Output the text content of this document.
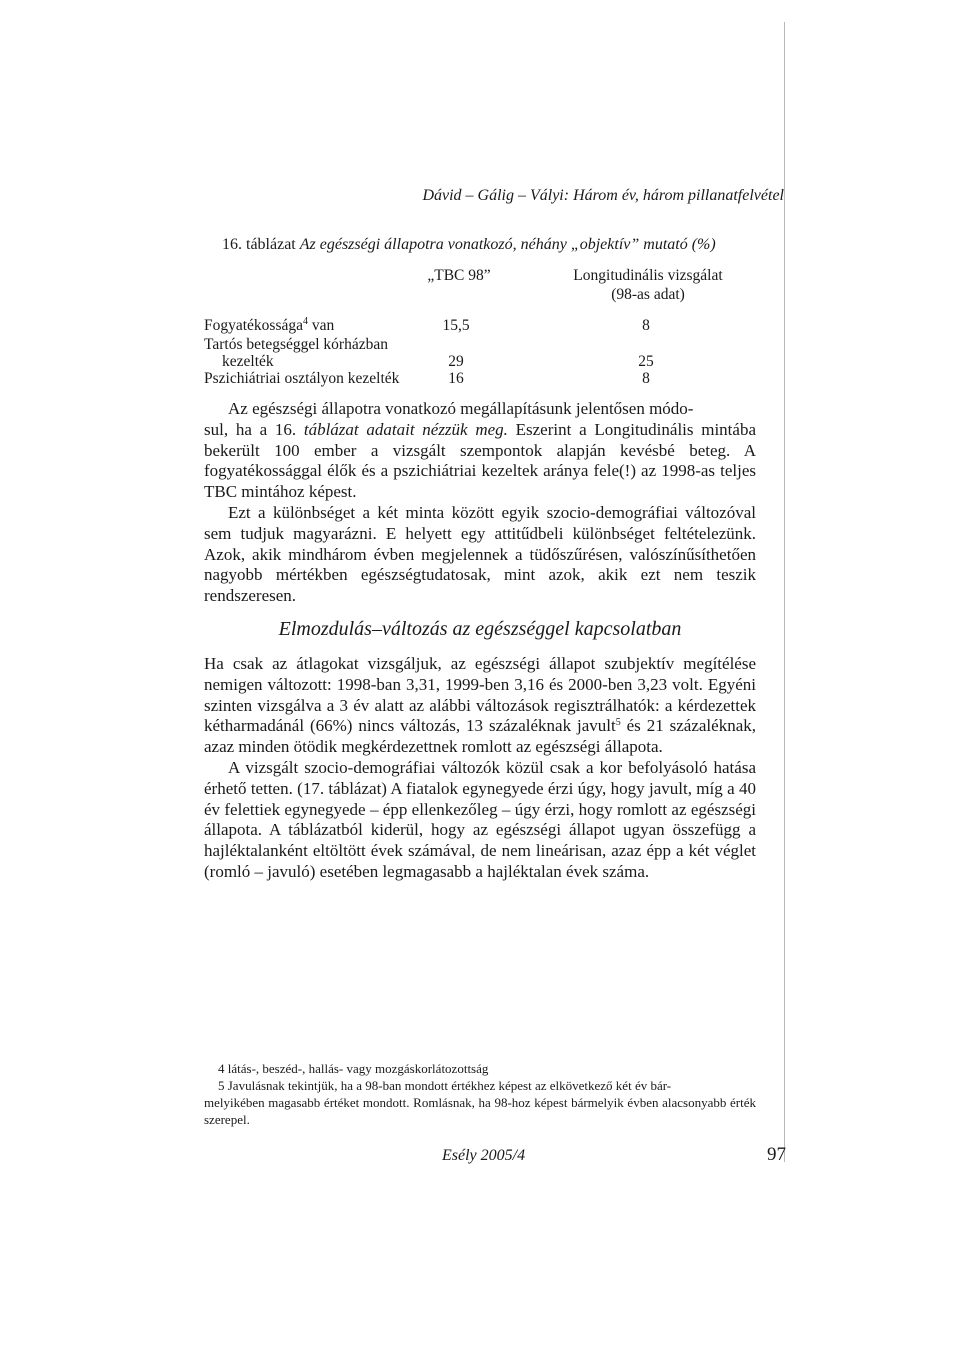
Dávid – Gálig – Vályi: Három év, három pillanatfelvétel
16. táblázat Az egészségi állapotra vonatkozó, néhány „objektív” mutató (%)
„TBC 98”	Longitudinális vizsgálat
(98-as adat)
Fogyatékossága$^4$ van	15,5	8
Tartós betegséggel kórházban
kezelték	29	25
Pszichiátriai osztályon kezelték	16	8

Az egészségi állapotra vonatkozó megállapításunk jelentősen módo-
sul, ha a 16. táblázat adatait nézzük meg. Eszerint a Longitudinális mintába bekerült 100 ember a vizsgált szempontok alapján kevésbé beteg. A fogyatékossággal élők és a pszichiátriai kezeltek aránya fele(!) az 1998-as teljes TBC mintához képest.

Ezt a különbséget a két minta között egyik szocio-demográfiai változóval sem tudjuk magyarázni. E helyett egy attitűdbeli különbséget feltételezünk. Azok, akik mindhárom évben megjelennek a tüdőszűrésen, valószínűsíthetően nagyobb mértékben egészségtudatosak, mint azok, akik ezt nem teszik rendszeresen.

Elmozdulás–változás az egészséggel kapcsolatban

Ha csak az átlagokat vizsgáljuk, az egészségi állapot szubjektív megítélése nemigen változott: 1998-ban 3,31, 1999-ben 3,16 és 2000-ben 3,23 volt. Egyéni szinten vizsgálva a 3 év alatt az alábbi változások regisztrálhatók: a kérdezettek kétharmadánál (66%) nincs változás, 13 százaléknak javult$^5$ és 21 százaléknak, azaz minden ötödik megkérdezettnek romlott az egészségi állapota.

A vizsgált szocio-demográfiai változók közül csak a kor befolyásoló hatása érhető tetten. (17. táblázat) A fiatalok egynegyede érzi úgy, hogy javult, míg a 40 év felettiek egynegyede – épp ellenkezőleg – úgy érzi, hogy romlott az egészségi állapota. A táblázatból kiderül, hogy az egészségi állapot ugyan összefügg a hajléktalanként eltöltött évek számával, de nem lineárisan, azaz épp a két véglet (romló – javuló) esetében legmagasabb a hajléktalan évek száma.

4 látás-, beszéd-, hallás- vagy mozgáskorlátozottság

5 Javulásnak tekintjük, ha a 98-ban mondott értékhez képest az elkövetkező két év bár-

melyikében magasabb értéket mondott. Romlásnak, ha 98-hoz képest bármelyik évben alacsonyabb érték szerepel.

Esély 2005/4	97
